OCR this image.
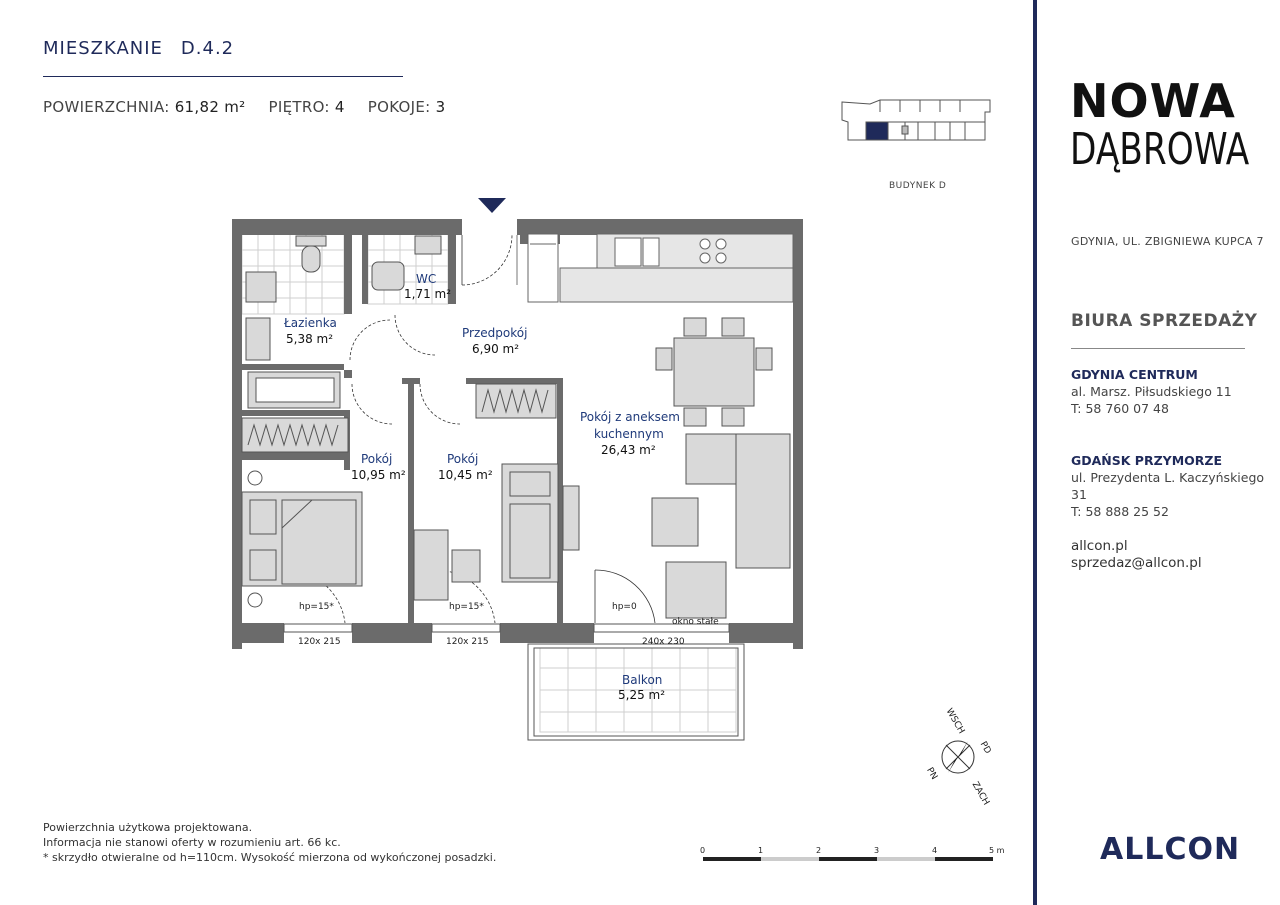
MIESZKANIE D.4.2
POWIERZCHNIA: 61,82 m² PIĘTRO: 4 POKOJE: 3
Łazienka
5,38 m²
WC
1,71 m²
Przedpokój
6,90 m²
Pokój
10,95 m²
Pokój
10,45 m²
Pokój z aneksem
kuchennym
26,43 m²
Balkon
5,25 m²
hp=15*
120x 215
hp=15*
120x 215
hp=0
240x 230
okno stałe
PN
WSCH
PD
ZACH
BUDYNEK D
0	1	2	3	4	5 m
Powierzchnia użytkowa projektowana.
Informacja nie stanowi oferty w rozumieniu art. 66 kc.
* skrzydło otwieralne od h=110cm. Wysokość mierzona od wykończonej posadzki.
NOWA
DĄBROWA
GDYNIA, UL. ZBIGNIEWA KUPCA 7
BIURA SPRZEDAŻY
GDYNIA CENTRUM
al. Marsz. Piłsudskiego 11
T: 58 760 07 48
GDAŃSK PRZYMORZE
ul. Prezydenta L. Kaczyńskiego 31
T: 58 888 25 52
allcon.pl
sprzedaz@allcon.pl
ALLCON
